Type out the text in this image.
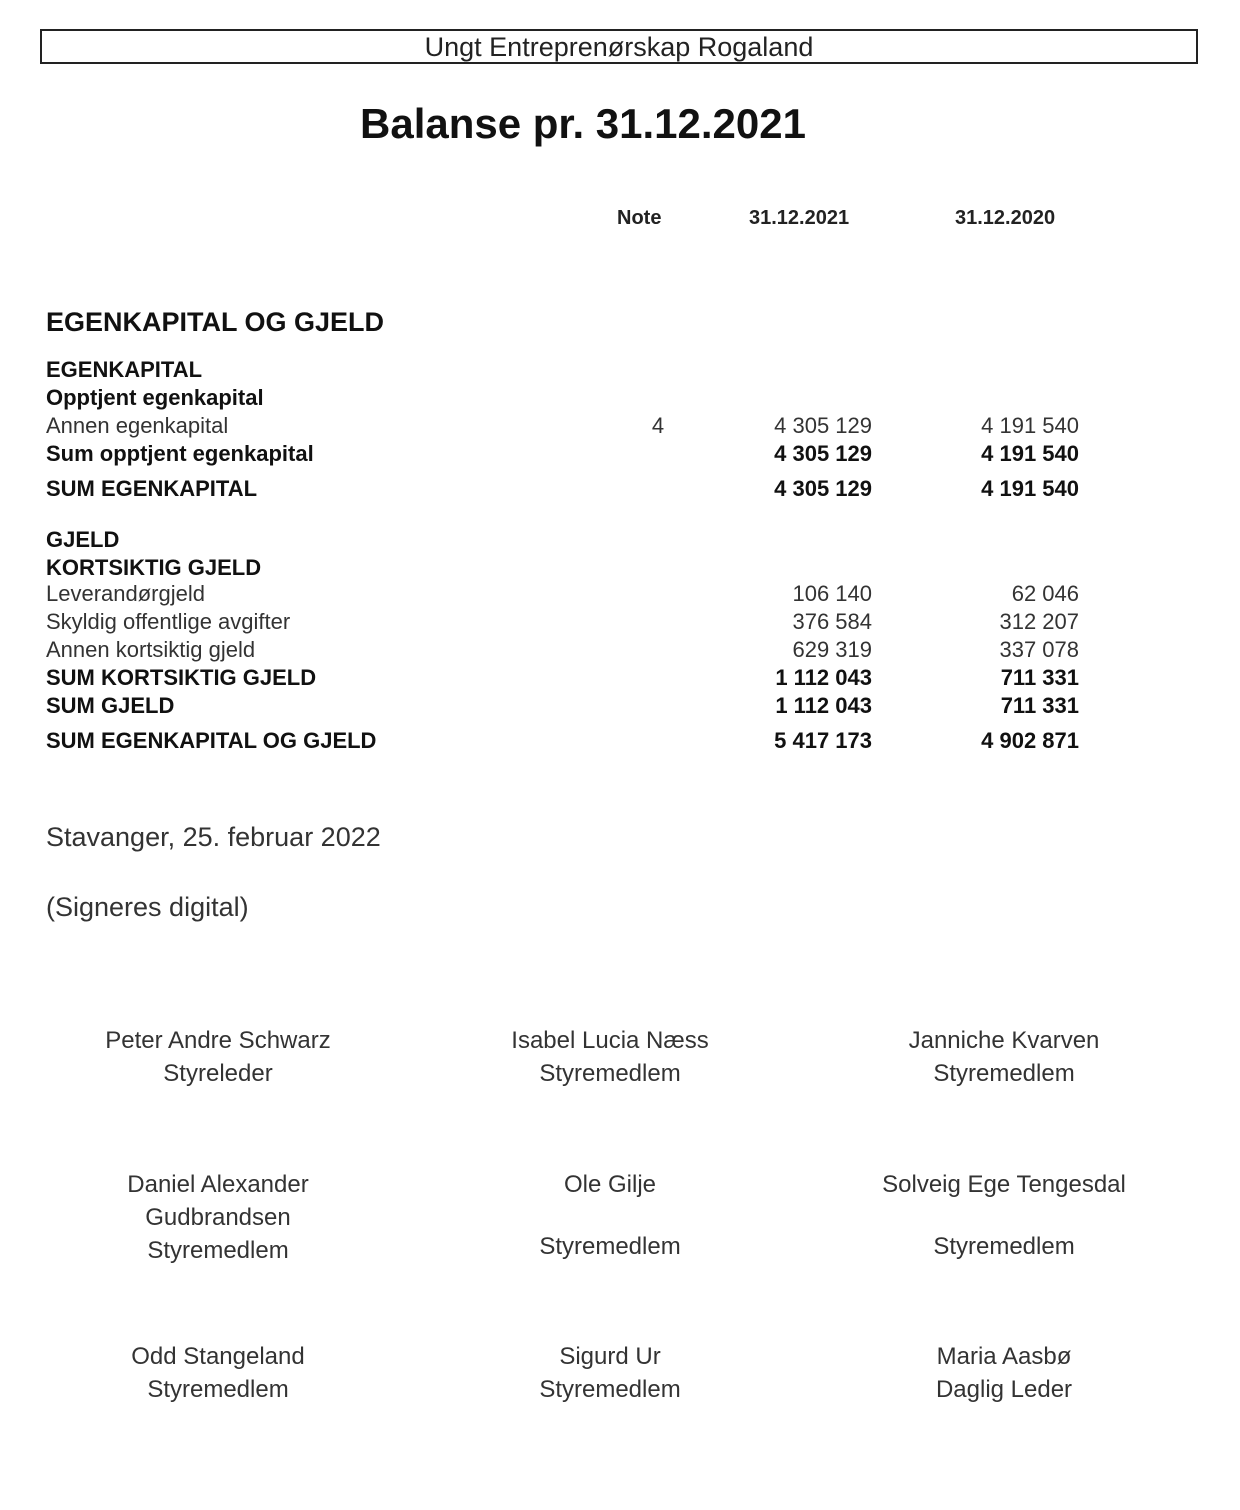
Ungt Entreprenørskap Rogaland
Balanse pr. 31.12.2021
Note	31.12.2021	31.12.2020
EGENKAPITAL OG GJELD
EGENKAPITAL
Opptjent egenkapital
Annen egenkapital	4	4 305 129	4 191 540
Sum opptjent egenkapital	4 305 129	4 191 540
SUM EGENKAPITAL	4 305 129	4 191 540
GJELD
KORTSIKTIG GJELD
Leverandørgjeld	106 140	62 046
Skyldig offentlige avgifter	376 584	312 207
Annen kortsiktig gjeld	629 319	337 078
SUM KORTSIKTIG GJELD	1 112 043	711 331
SUM GJELD	1 112 043	711 331
SUM EGENKAPITAL OG GJELD	5 417 173	4 902 871
Stavanger, 25. februar 2022
(Signeres digital)
Peter Andre Schwarz
Styreleder
Isabel Lucia Næss
Styremedlem
Janniche Kvarven
Styremedlem
Daniel Alexander Gudbrandsen
Styremedlem
Ole Gilje
Styremedlem
Solveig Ege Tengesdal
Styremedlem
Odd Stangeland
Styremedlem
Sigurd Ur
Styremedlem
Maria Aasbø
Daglig Leder
